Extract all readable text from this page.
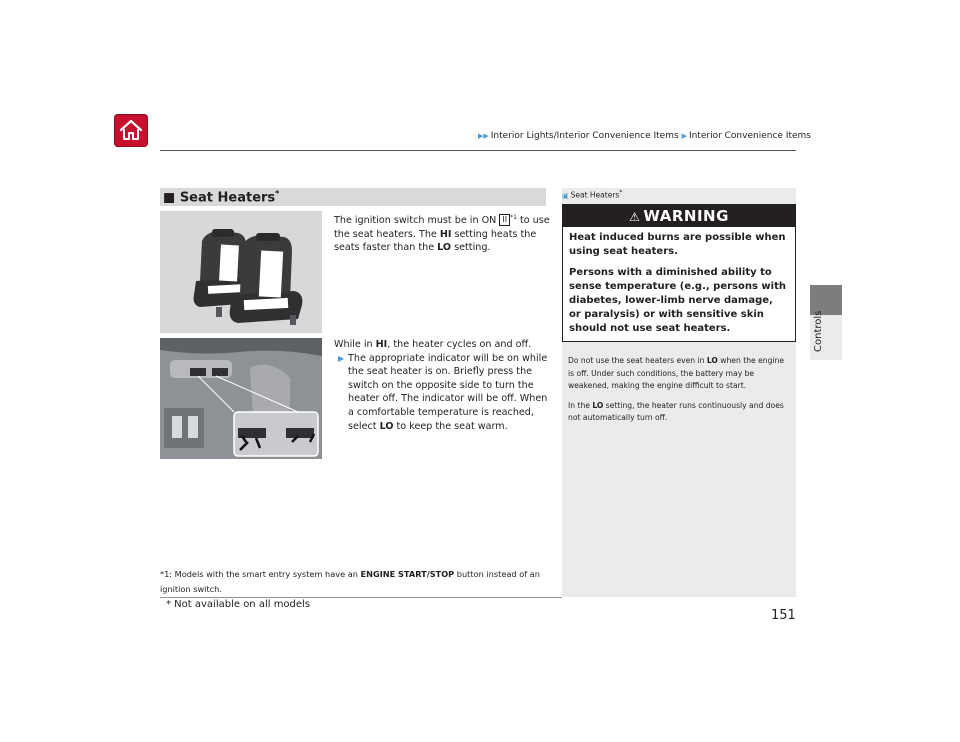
▶▶ Interior Lights/Interior Convenience Items ▶ Interior Convenience Items
Controls
■ Seat Heaters*
The ignition switch must be in ON II $^{*1}$ to use the seat heaters. The HI setting heats the seats faster than the LO setting.
While in HI, the heater cycles on and off.
▶ The appropriate indicator will be on while the seat heater is on. Briefly press the switch on the opposite side to turn the heater off. The indicator will be off. When a comfortable temperature is reached, select LO to keep the seat warm.
*1: Models with the smart entry system have an ENGINE START/STOP button instead of an ignition switch.
▣ Seat Heaters*
⚠ WARNING

Heat induced burns are possible when using seat heaters.

Persons with a diminished ability to sense temperature (e.g., persons with diabetes, lower-limb nerve damage, or paralysis) or with sensitive skin should not use seat heaters.

Do not use the seat heaters even in LO when the engine is off. Under such conditions, the battery may be weakened, making the engine difficult to start.

In the LO setting, the heater runs continuously and does not automatically turn off.

* Not available on all models
151
